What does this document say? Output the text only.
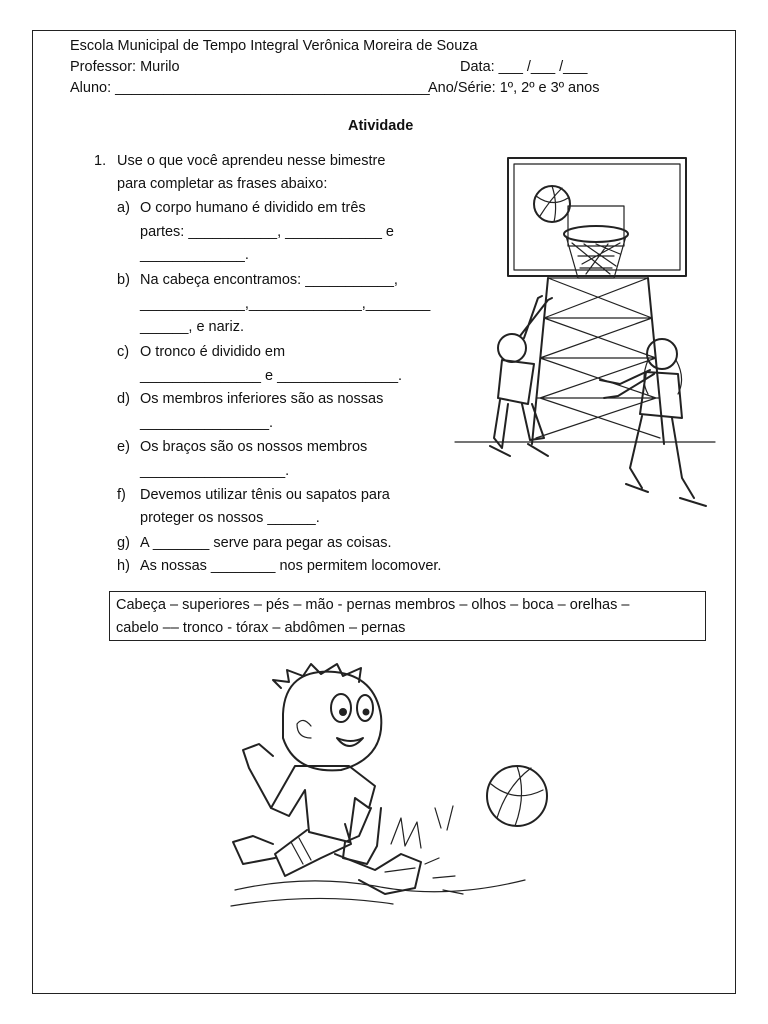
Escola Municipal de Tempo Integral Verônica Moreira de Souza
Professor: Murilo	Data: ___ /___ /___
Aluno: _______________________________________
Ano/Série: 1º, 2º e 3º anos
Atividade
1. Use o que você aprendeu nesse bimestre
para completar as frases abaixo:
a) O corpo humano é dividido em três
partes: ___________, ____________ e
_____________.
b) Na cabeça encontramos: ___________,
_____________,______________,________
______, e nariz.
c) O tronco é dividido em
_______________ e _______________.
d) Os membros inferiores são as nossas
________________.
e) Os braços são os nossos membros
__________________.
f) Devemos utilizar tênis ou sapatos para
proteger os nossos ______.
g) A _______ serve para pegar as coisas.
h) As nossas ________ nos permitem locomover.
Cabeça – superiores – pés – mão - pernas membros – olhos – boca – orelhas –
cabelo –– tronco - tórax – abdômen – pernas
